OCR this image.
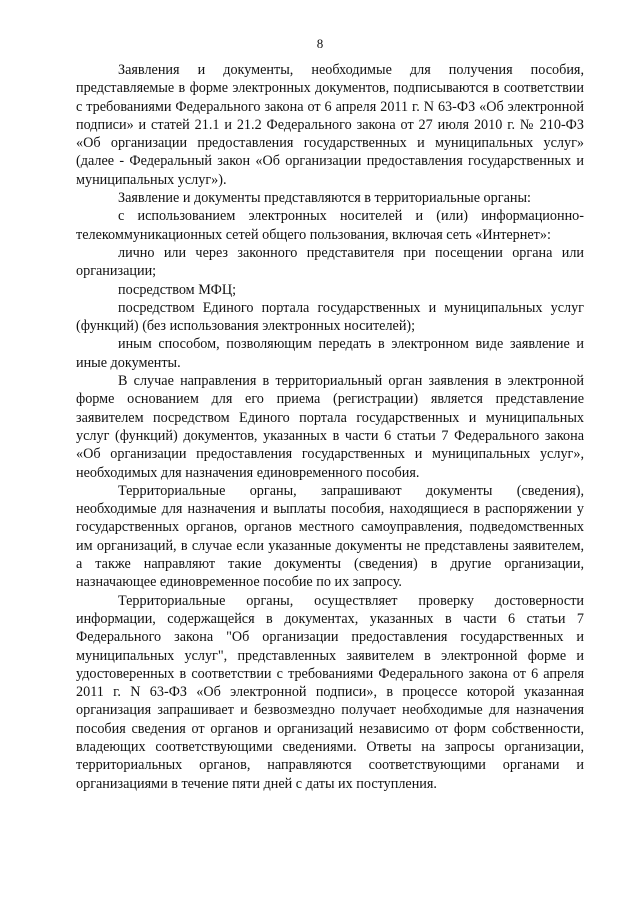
8

Заявления и документы, необходимые для получения пособия, представляемые в форме электронных документов, подписываются в соответствии с требованиями Федерального закона от 6 апреля 2011 г. N 63-ФЗ «Об электронной подписи» и статей 21.1 и 21.2 Федерального закона от 27 июля 2010 г. № 210-ФЗ «Об организации предоставления государственных и муниципальных услуг» (далее - Федеральный закон «Об организации предоставления государственных и муниципальных услуг»).

Заявление и документы представляются в территориальные органы:

с использованием электронных носителей и (или) информационно-телекоммуникационных сетей общего пользования, включая сеть «Интернет»:

лично или через законного представителя при посещении органа или организации;

посредством МФЦ;

посредством Единого портала государственных и муниципальных услуг (функций) (без использования электронных носителей);

иным способом, позволяющим передать в электронном виде заявление и иные документы.

В случае направления в территориальный орган заявления в электронной форме основанием для его приема (регистрации) является представление заявителем посредством Единого портала государственных и муниципальных услуг (функций) документов, указанных в части 6 статьи 7 Федерального закона «Об организации предоставления государственных и муниципальных услуг», необходимых для назначения единовременного пособия.

Территориальные органы, запрашивают документы (сведения), необходимые для назначения и выплаты пособия, находящиеся в распоряжении у государственных органов, органов местного самоуправления, подведомственных им организаций, в случае если указанные документы не представлены заявителем, а также направляют такие документы (сведения) в другие организации, назначающее единовременное пособие по их запросу.

Территориальные органы, осуществляет проверку достоверности информации, содержащейся в документах, указанных в части 6 статьи 7 Федерального закона "Об организации предоставления государственных и муниципальных услуг", представленных заявителем в электронной форме и удостоверенных в соответствии с требованиями Федерального закона от 6 апреля 2011 г. N 63-ФЗ «Об электронной подписи», в процессе которой указанная организация запрашивает и безвозмездно получает необходимые для назначения пособия сведения от органов и организаций независимо от форм собственности, владеющих соответствующими сведениями. Ответы на запросы организации, территориальных органов, направляются соответствующими органами и организациями в течение пяти дней с даты их поступления.
